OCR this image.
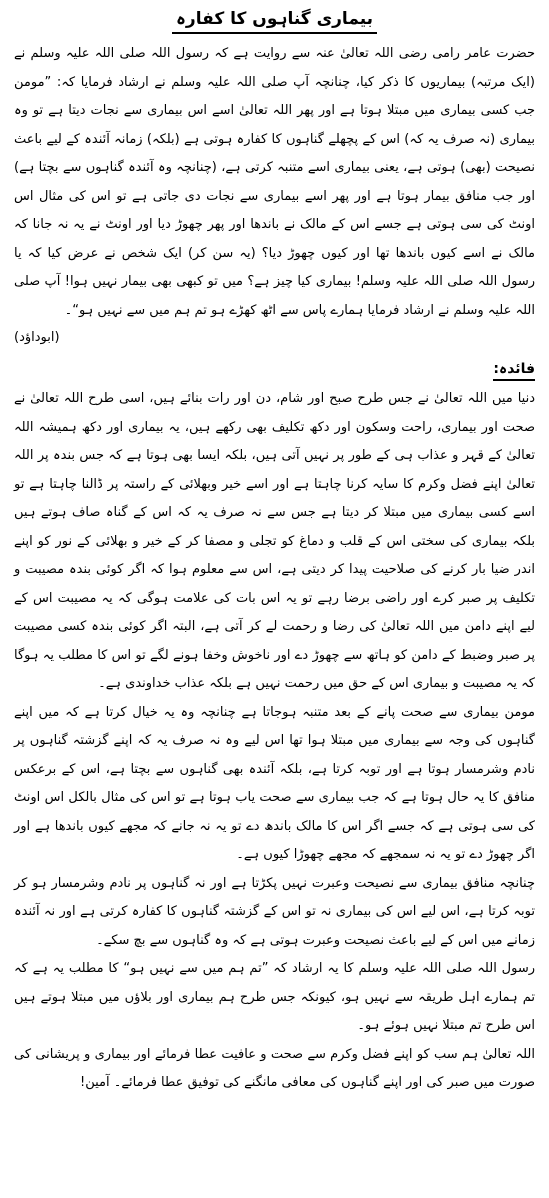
بیماری گناہوں کا کفارہ

حضرت عامر رامی رضی اللہ تعالیٰ عنہ سے روایت ہے کہ رسول اللہ صلی اللہ علیہ وسلم نے (ایک مرتبہ) بیماریوں کا ذکر کیا، چنانچہ آپ صلی اللہ علیہ وسلم نے ارشاد فرمایا کہ: ”مومن جب کسی بیماری میں مبتلا ہوتا ہے اور پھر اللہ تعالیٰ اسے اس بیماری سے نجات دیتا ہے تو وہ بیماری (نہ صرف یہ کہ) اس کے پچھلے گناہوں کا کفارہ ہوتی ہے (بلکہ) زمانہ آئندہ کے لیے باعث نصیحت (بھی) ہوتی ہے، یعنی بیماری اسے متنبہ کرتی ہے، (چنانچہ وہ آئندہ گناہوں سے بچتا ہے) اور جب منافق بیمار ہوتا ہے اور پھر اسے بیماری سے نجات دی جاتی ہے تو اس کی مثال اس اونٹ کی سی ہوتی ہے جسے اس کے مالک نے باندھا اور پھر چھوڑ دیا اور اونٹ نے یہ نہ جانا کہ مالک نے اسے کیوں باندھا تھا اور کیوں چھوڑ دیا؟ (یہ سن کر) ایک شخص نے عرض کیا کہ یا رسول اللہ صلی اللہ علیہ وسلم! بیماری کیا چیز ہے؟ میں تو کبھی بھی بیمار نہیں ہوا! آپ صلی اللہ علیہ وسلم نے ارشاد فرمایا ہمارے پاس سے اٹھ کھڑے ہو تم ہم میں سے نہیں ہو“۔

(ابوداؤد)
فائدہ:

دنیا میں اللہ تعالیٰ نے جس طرح صبح اور شام، دن اور رات بنائے ہیں، اسی طرح اللہ تعالیٰ نے صحت اور بیماری، راحت وسکون اور دکھ تکلیف بھی رکھے ہیں، یہ بیماری اور دکھ ہمیشہ اللہ تعالیٰ کے قہر و عذاب ہی کے طور پر نہیں آتی ہیں، بلکہ ایسا بھی ہوتا ہے کہ جس بندہ پر اللہ تعالیٰ اپنے فضل وکرم کا سایہ کرنا چاہتا ہے اور اسے خیر وبھلائی کے راستہ پر ڈالنا چاہتا ہے تو اسے کسی بیماری میں مبتلا کر دیتا ہے جس سے نہ صرف یہ کہ اس کے گناہ صاف ہوتے ہیں بلکہ بیماری کی سختی اس کے قلب و دماغ کو تجلی و مصفا کر کے خیر و بھلائی کے نور کو اپنے اندر ضیا بار کرنے کی صلاحیت پیدا کر دیتی ہے، اس سے معلوم ہوا کہ اگر کوئی بندہ مصیبت و تکلیف پر صبر کرے اور راضی برضا رہے تو یہ اس بات کی علامت ہوگی کہ یہ مصیبت اس کے لیے اپنے دامن میں اللہ تعالیٰ کی رضا و رحمت لے کر آتی ہے، البتہ اگر کوئی بندہ کسی مصیبت پر صبر وضبط کے دامن کو ہاتھ سے چھوڑ دے اور ناخوش وخفا ہونے لگے تو اس کا مطلب یہ ہوگا کہ یہ مصیبت و بیماری اس کے حق میں رحمت نہیں ہے بلکہ عذاب خداوندی ہے۔

مومن بیماری سے صحت پانے کے بعد متنبہ ہوجاتا ہے چنانچہ وہ یہ خیال کرتا ہے کہ میں اپنے گناہوں کی وجہ سے بیماری میں مبتلا ہوا تھا اس لیے وہ نہ صرف یہ کہ اپنے گزشتہ گناہوں پر نادم وشرمسار ہوتا ہے اور توبہ کرتا ہے، بلکہ آئندہ بھی گناہوں سے بچتا ہے، اس کے برعکس منافق کا یہ حال ہوتا ہے کہ جب بیماری سے صحت یاب ہوتا ہے تو اس کی مثال بالکل اس اونٹ کی سی ہوتی ہے کہ جسے اگر اس کا مالک باندھ دے تو یہ نہ جانے کہ مجھے کیوں باندھا ہے اور اگر چھوڑ دے تو یہ نہ سمجھے کہ مجھے چھوڑا کیوں ہے۔

چنانچہ منافق بیماری سے نصیحت وعبرت نہیں پکڑتا ہے اور نہ گناہوں پر نادم وشرمسار ہو کر توبہ کرتا ہے، اس لیے اس کی بیماری نہ تو اس کے گزشتہ گناہوں کا کفارہ کرتی ہے اور نہ آئندہ زمانے میں اس کے لیے باعث نصیحت وعبرت ہوتی ہے کہ وہ گناہوں سے بچ سکے۔

رسول اللہ صلی اللہ علیہ وسلم کا یہ ارشاد کہ ”تم ہم میں سے نہیں ہو“ کا مطلب یہ ہے کہ تم ہمارے اہل طریقہ سے نہیں ہو، کیونکہ جس طرح ہم بیماری اور بلاؤں میں مبتلا ہوتے ہیں اس طرح تم مبتلا نہیں ہوئے ہو۔

اللہ تعالیٰ ہم سب کو اپنے فضل وکرم سے صحت و عافیت عطا فرمائے اور بیماری و پریشانی کی صورت میں صبر کی اور اپنے گناہوں کی معافی مانگنے کی توفیق عطا فرمائے۔ آمین!
